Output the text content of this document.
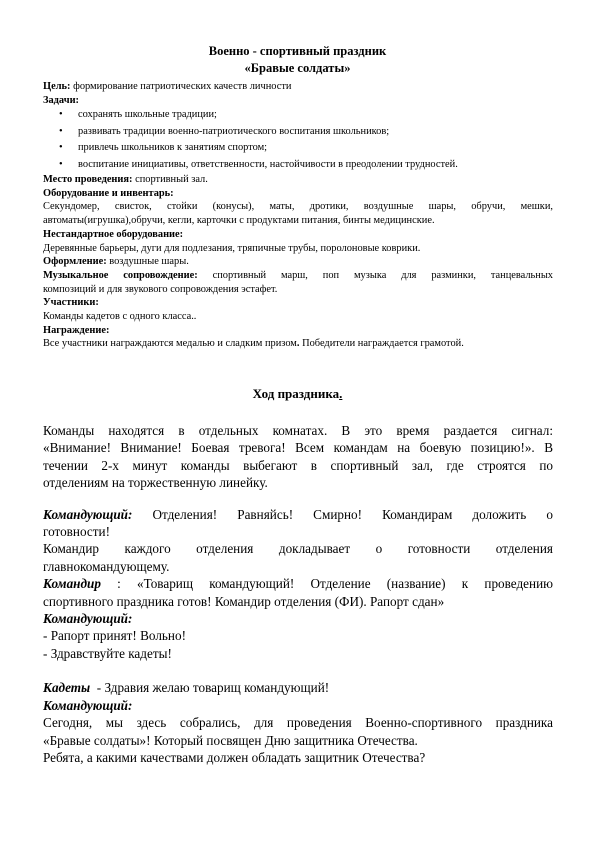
Военно - спортивный праздник
«Бравые солдаты»

Цель: формирование патриотических качеств личности

Задачи:

• сохранять школьные традиции;
• развивать традиции военно-патриотического воспитания школьников;
• привлечь школьников к занятиям спортом;
• воспитание инициативы, ответственности, настойчивости в преодолении трудностей.

Место проведения: спортивный зал.

Оборудование и инвентарь:

Секундомер, свисток, стойки (конусы), маты, дротики, воздушные шары, обручи, мешки,

автоматы(игрушка),обручи, кегли, карточки с продуктами питания, бинты медицинские.

Нестандартное оборудование:

Деревянные барьеры, дуги для подлезания, тряпичные трубы, поролоновые коврики.

Оформление: воздушные шары.

Музыкальное сопровождение: спортивный марш, поп музыка для разминки, танцевальных

композиций и для звукового сопровождения эстафет.

Участники:

Команды кадетов с одного класса..

Награждение:

Все участники награждаются медалью и сладким призом. Победители награждается грамотой.

Ход праздника.

Команды находятся в отдельных комнатах. В это время раздается сигнал:

«Внимание! Внимание! Боевая тревога! Всем командам на боевую позицию!». В

течении 2-х минут команды выбегают в спортивный зал, где строятся по

отделениям на торжественную линейку.

Командующий: Отделения! Равняйсь! Смирно! Командирам доложить о

готовности!

Командир каждого отделения докладывает о готовности отделения

главнокомандующему.

Командир : «Товарищ командующий! Отделение (название) к проведению

спортивного праздника готов! Командир отделения (ФИ). Рапорт сдан»

Командующий:

- Рапорт принят! Вольно!

- Здравствуйте кадеты!

Кадеты  - Здравия желаю товарищ командующий!

Командующий:

Сегодня, мы здесь собрались, для проведения Военно-спортивного праздника

«Бравые солдаты»! Который посвящен Дню защитника Отечества.

Ребята, а какими качествами должен обладать защитник Отечества?
